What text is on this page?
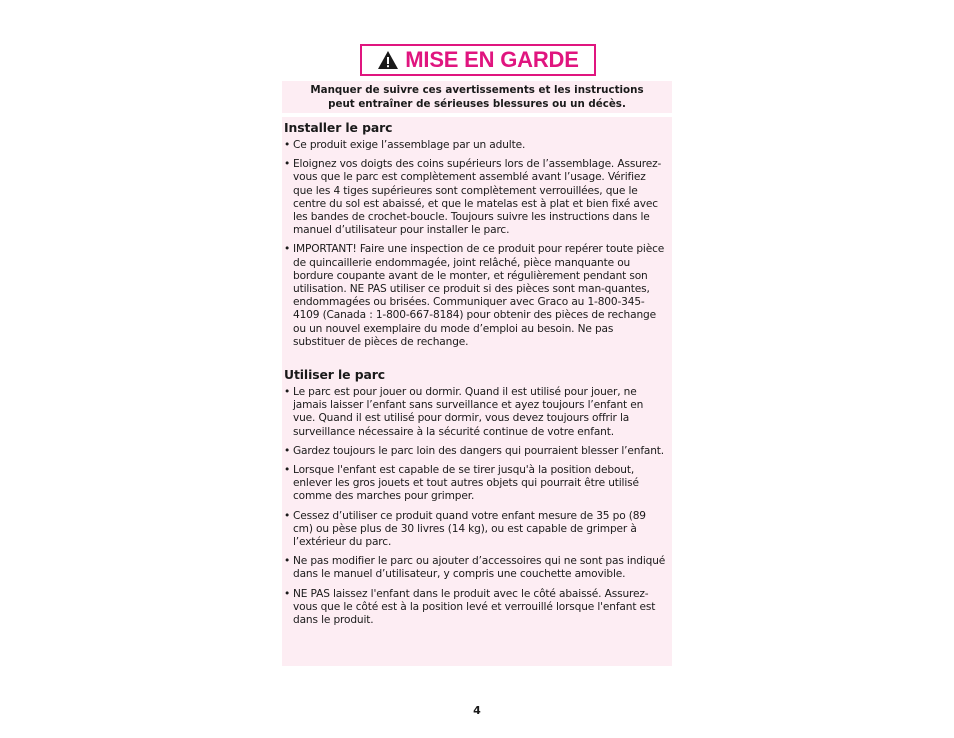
MISE EN GARDE
Manquer de suivre ces avertissements et les instructions
peut entraîner de sérieuses blessures ou un décès.
Installer le parc
• Ce produit exige l’assemblage par un adulte.
• Eloignez vos doigts des coins supérieurs lors de l’assemblage. Assurez-vous que le parc est complètement assemblé avant l’usage. Vérifiez que les 4 tiges supérieures sont complètement verrouillées, que le centre du sol est abaissé, et que le matelas est à plat et bien fixé avec les bandes de crochet-boucle. Toujours suivre les instructions dans le manuel d’utilisateur pour installer le parc.
• IMPORTANT! Faire une inspection de ce produit pour repérer toute pièce de quincaillerie endommagée, joint relâché, pièce manquante ou bordure coupante avant de le monter, et régulièrement pendant son utilisation. NE PAS utiliser ce produit si des pièces sont man-quantes, endommagées ou brisées. Communiquer avec Graco au 1-800-345-4109 (Canada : 1-800-667-8184) pour obtenir des pièces de rechange ou un nouvel exemplaire du mode d’emploi au besoin. Ne pas substituer de pièces de rechange.
Utiliser le parc
• Le parc est pour jouer ou dormir. Quand il est utilisé pour jouer, ne jamais laisser l’enfant sans surveillance et ayez toujours l’enfant en vue. Quand il est utilisé pour dormir, vous devez toujours offrir la surveillance nécessaire à la sécurité continue de votre enfant.
• Gardez toujours le parc loin des dangers qui pourraient blesser l’enfant.
• Lorsque l'enfant est capable de se tirer jusqu'à la position debout, enlever les gros jouets et tout autres objets qui pourrait être utilisé comme des marches pour grimper.
• Cessez d’utiliser ce produit quand votre enfant mesure de 35 po (89 cm) ou pèse plus de 30 livres (14 kg), ou est capable de grimper à l’extérieur du parc.
• Ne pas modifier le parc ou ajouter d’accessoires qui ne sont pas indiqué dans le manuel d’utilisateur, y compris une couchette amovible.
• NE PAS laissez l'enfant dans le produit avec le côté abaissé. Assurez-vous que le côté est à la position levé et verrouillé lorsque l'enfant est dans le produit.
4
